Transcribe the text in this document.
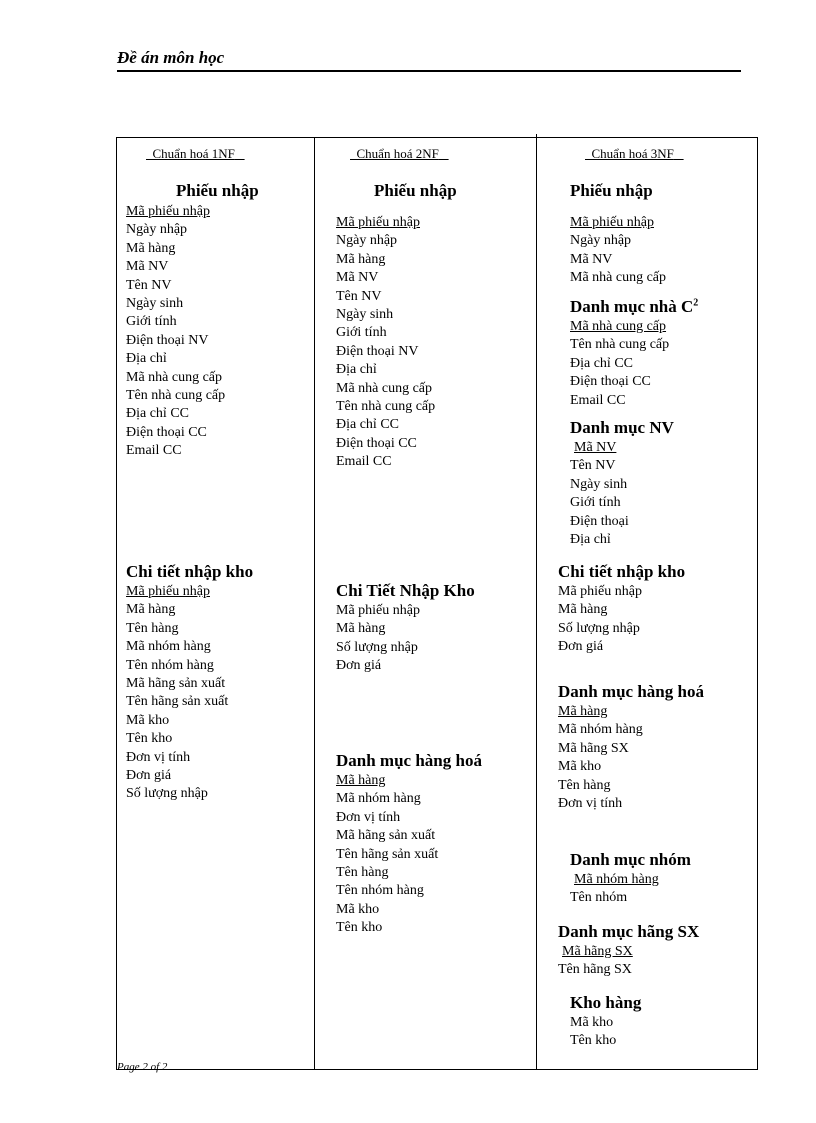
Đề án môn học
Chuẩn hoá 1NF	Chuẩn hoá 2NF	Chuẩn hoá 3NF
Phiếu nhập
Mã phiếu nhập
Ngày nhập
Mã hàng
Mã NV
Tên NV
Ngày sinh
Giới tính
Điện thoại NV
Địa chỉ
Mã nhà cung cấp
Tên nhà cung cấp
Địa chỉ CC
Điện thoại CC
Email CC
Chi tiết nhập kho
Mã phiếu nhập
Mã hàng
Tên hàng
Mã nhóm hàng
Tên nhóm hàng
Mã hãng sản xuất
Tên hãng sản xuất
Mã kho
Tên kho
Đơn vị tính
Đơn giá
Số lượng nhập
Phiếu nhập
Mã phiếu nhập
Ngày nhập
Mã hàng
Mã NV
Tên NV
Ngày sinh
Giới tính
Điện thoại NV
Địa chỉ
Mã nhà cung cấp
Tên nhà cung cấp
Địa chỉ CC
Điện thoại CC
Email CC
Chi Tiết Nhập Kho
Mã phiếu nhập
Mã hàng
Số lượng nhập
Đơn giá
Danh mục hàng hoá
Mã hàng
Mã nhóm hàng
Đơn vị tính
Mã hãng sản xuất
Tên hãng sản xuất
Tên hàng
Tên nhóm hàng
Mã kho
Tên kho
Phiếu nhập
Mã phiếu nhập
Ngày nhập
Mã NV
Mã nhà cung cấp
Danh mục nhà $C^2$
Mã nhà cung cấp
Tên nhà cung cấp
Địa chỉ CC
Điện thoại CC
Email CC
Danh mục NV
Mã NV
Tên NV
Ngày sinh
Giới tính
Điện thoại
Địa chỉ
Chi tiết nhập kho
Mã phiếu nhập
Mã hàng
Số lượng nhập
Đơn giá
Danh mục hàng hoá
Mã hàng
Mã nhóm hàng
Mã hãng SX
Mã kho
Tên hàng
Đơn vị tính
Danh mục nhóm
Mã nhóm hàng
Tên nhóm
Danh mục hãng SX
Mã hãng SX
Tên hãng SX
Kho hàng
Mã kho
Tên kho
Page 2 of 2
